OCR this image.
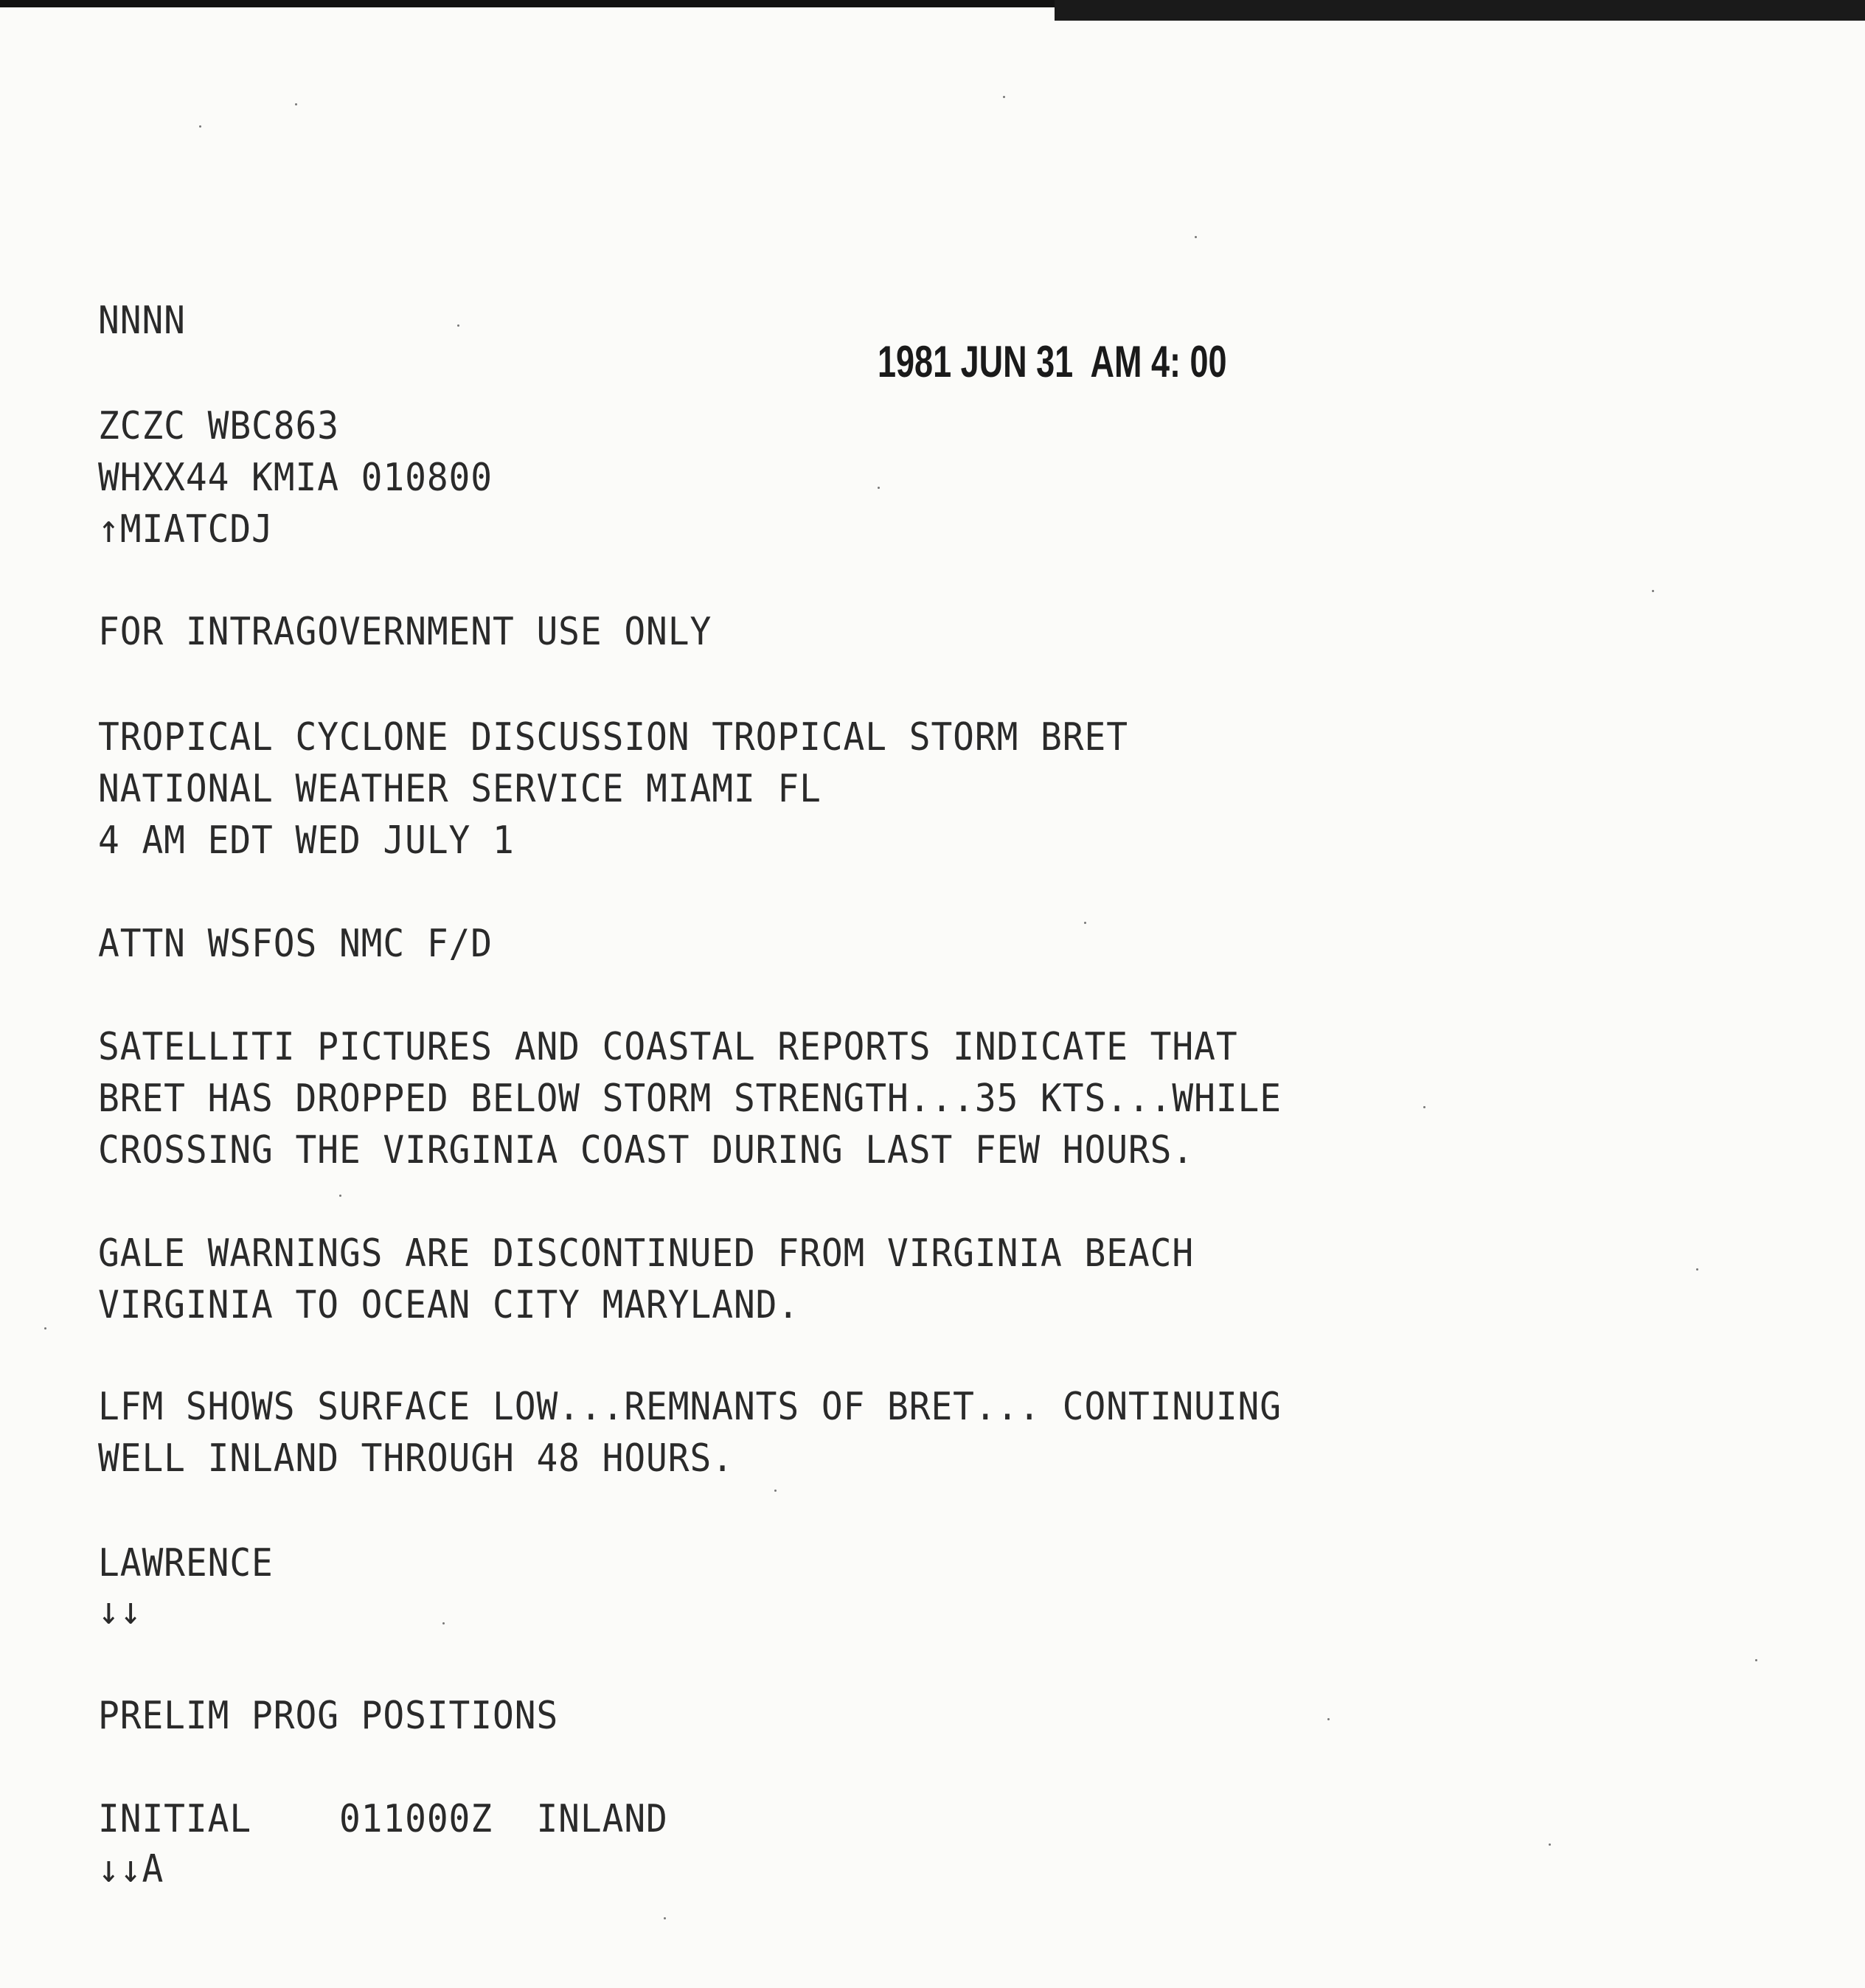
1981 JUN 31  AM 4: 00
NNNN
ZCZC WBC863
WHXX44 KMIA 010800
↑MIATCDJ
FOR INTRAGOVERNMENT USE ONLY
TROPICAL CYCLONE DISCUSSION TROPICAL STORM BRET
NATIONAL WEATHER SERVICE MIAMI FL
4 AM EDT WED JULY 1
ATTN WSFOS NMC F/D
SATELLITI PICTURES AND COASTAL REPORTS INDICATE THAT
BRET HAS DROPPED BELOW STORM STRENGTH...35 KTS...WHILE
CROSSING THE VIRGINIA COAST DURING LAST FEW HOURS.
GALE WARNINGS ARE DISCONTINUED FROM VIRGINIA BEACH
VIRGINIA TO OCEAN CITY MARYLAND.
LFM SHOWS SURFACE LOW...REMNANTS OF BRET... CONTINUING
WELL INLAND THROUGH 48 HOURS.
LAWRENCE
↓↓
PRELIM PROG POSITIONS
INITIAL    011000Z  INLAND
↓↓A
